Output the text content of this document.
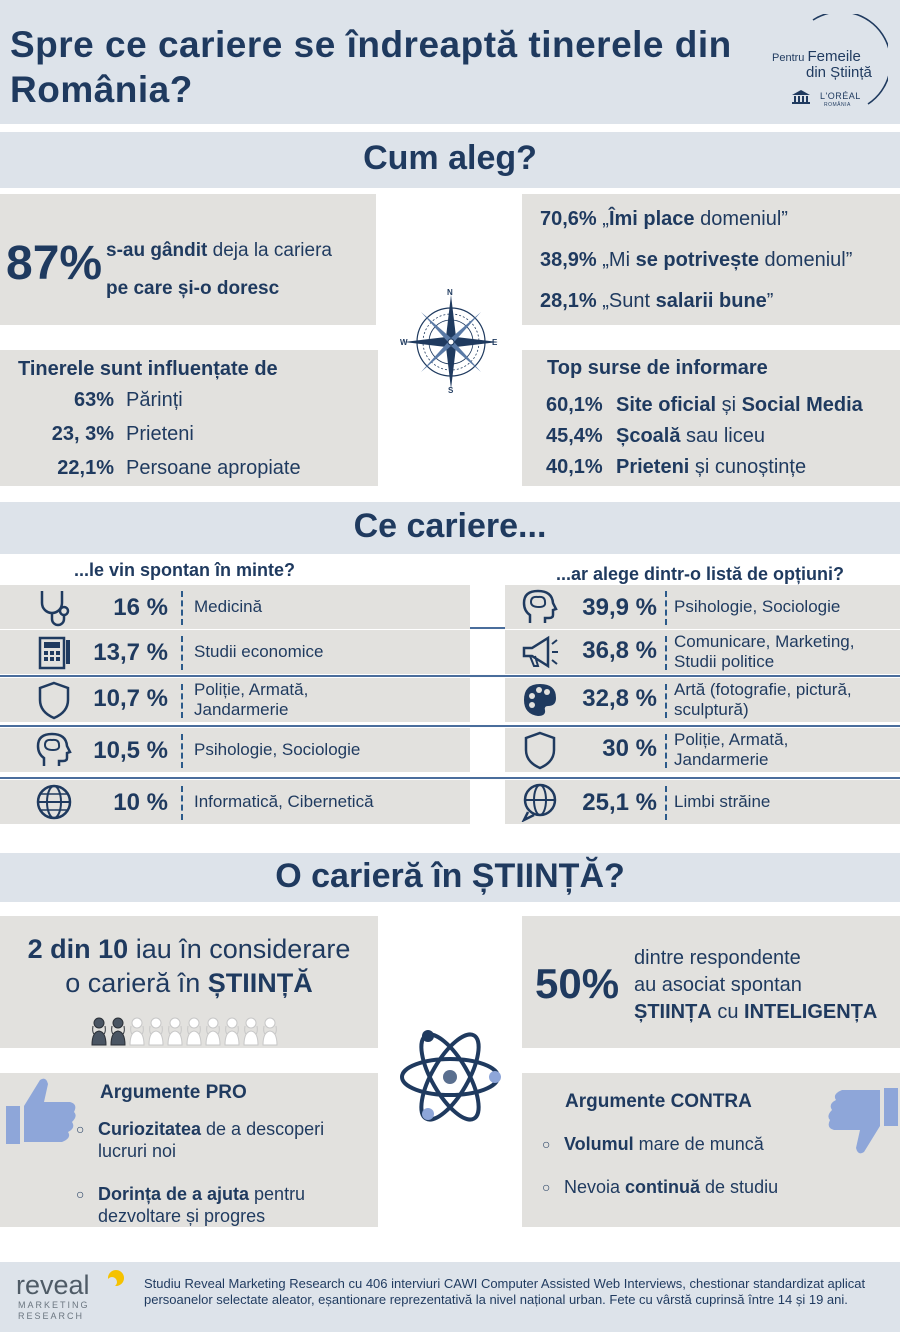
Spre ce cariere se îndreaptă tinerele din România?
Pentru Femeile
din Știință
L'ORÉAL
ROMÂNIA
Cum aleg?
87% s-au gândit deja la cariera
pe care și-o doresc
70,6% „Îmi place domeniul”
38,9% „Mi se potrivește domeniul”
28,1% „Sunt salarii bune”
N
S
E
W
Tinerele sunt influențate de
63% Părinți
23, 3% Prieteni
22,1% Persoane apropiate
Top surse de informare
60,1% Site oficial și Social Media
45,4% Școală sau liceu
40,1% Prieteni și cunoștințe
Ce cariere...
...le vin spontan în minte?	...ar alege dintr-o listă de opțiuni?
16 % Medicină
13,7 % Studii economice
10,7 % Poliție, Armată,
Jandarmerie
10,5 % Psihologie, Sociologie
10 % Informatică, Cibernetică
39,9 % Psihologie, Sociologie
36,8 % Comunicare, Marketing,
Studii politice
32,8 % Artă (fotografie, pictură,
sculptură)
30 % Poliție, Armată,
Jandarmerie
25,1 % Limbi străine
O carieră în ȘTIINȚĂ?
2 din 10 iau în considerare
o carieră în ȘTIINȚĂ	50%
dintre respondente
au asociat spontan
ȘTIINȚA cu INTELIGENȚA
Argumente PRO
○ Curiozitatea de a descoperi
lucruri noi
○ Dorința de a ajuta pentru
dezvoltare și progres
Argumente CONTRA
○ Volumul mare de muncă
○ Nevoia continuă de studiu
reveal
MARKETING
RESEARCH
Studiu Reveal Marketing Research cu 406 interviuri CAWI Computer Assisted Web Interviews, chestionar standardizat aplicat persoanelor selectate aleator, eșantionare reprezentativă la nivel național urban. Fete cu vârstă cuprinsă între 14 și 19 ani.
